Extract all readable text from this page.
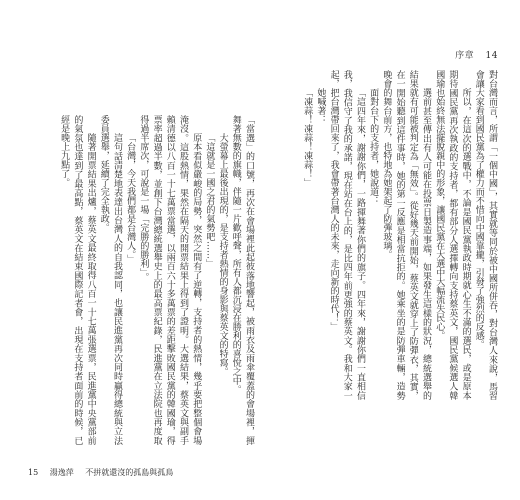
序章 14

對台灣而言，所謂「一個中國」，其實就等同於被中國所併吞，對台灣人來說，馬習會讓大家看到國民黨為了權力而不惜向中國靠攏，引發了強烈的反感。

所以，在這次的選戰中，不論是國民黨執政時期就心生不滿的選民，或是原本期待國民黨再次執政的支持者，都有部分人選擇轉向支持蔡英文，國民黨候選人韓國瑜也始終無法擺脫親中的形象，讓國民黨在大選中大幅流失民心。

選前甚至傳出有人可能在投票日製造事端，如果發生這樣的狀況，總統選舉的結果就有可能被判定為「無效」。從好幾天前開始，蔡英文就穿上了防彈衣，其實，在一開始聽到這件事時，她的第一反應是相當抗拒的。她乘坐的是防彈車輛，造勢晚會的舞台前方，也特地為她架起了防彈玻璃。

面對台下的支持者，她說道：

「這四年來，謝謝你們，一路揮舞著你們的旗子。四年來，謝謝你們一直相信我，我信守了我的承諾，現在站在台上的，是比四年前更強的蔡英文。我和大家一起，把台灣帶回來了，我會帶著台灣人的未來，走向新的時代！」

她喊著：

「凍蒜！凍蒜！凍蒜！」

「當選」的口號，再次在會場裡此起彼落地響起，被雨衣及雨傘覆蓋的會場裡，揮舞著無數的旗幟，伴隨一片歡呼聲，所有人都沉浸在勝利的喜悅之中。

大螢幕上最後出現的，是支持者熱情的身影與蔡英文的特寫。

「這就是一國之君的氣勢吧……」

原本看似嚴峻的局勢，突然之間有了逆轉，支持者的熱情，幾乎要把整個會場淹沒。這股熱情，果然在隔天的開票結果上得到了證明。大選結果，蔡英文與副手賴清德以八百一十七萬票當選，以兩百六十多萬票的差距擊敗國民黨的韓國瑜，得票率超過半數，並創下台灣總統選舉史上的最高票紀錄，民進黨在立法院也再度取得過半席次，可說是一場「完勝的勝利」。

「台灣，今天我們都是台灣人。」

這句話清楚地表達出台灣人的自我認同，也讓民進黨再次同時贏得總統與立法委員選舉，延續了完全執政。

隨著開票結果出爐，蔡英文最終取得八百一十七萬張選票，民進黨中央黨部前的氣氛也達到了最高點，蔡英文在結束國際記者會，出現在支持者面前的時候，已經是晚上九點了。

15 湯逸萍 不拼就還沒的孤島與孤鳥
